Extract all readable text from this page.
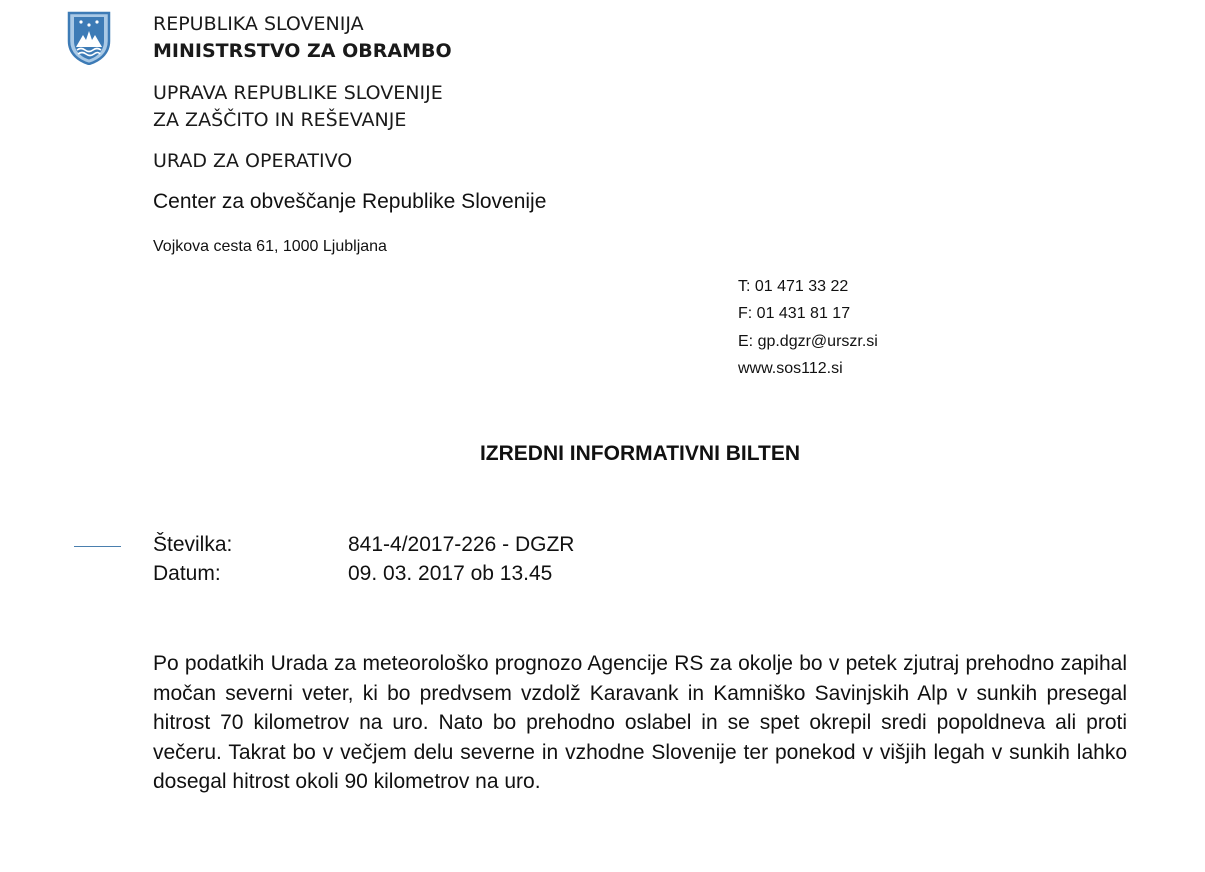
REPUBLIKA SLOVENIJA
MINISTRSTVO ZA OBRAMBO
UPRAVA REPUBLIKE SLOVENIJE
ZA ZAŠČITO IN REŠEVANJE
URAD ZA OPERATIVO
Center za obveščanje Republike Slovenije
Vojkova cesta 61, 1000 Ljubljana
T: 01 471 33 22
F: 01 431 81 17
E: gp.dgzr@urszr.si
www.sos112.si
IZREDNI INFORMATIVNI BILTEN
Številka:	841-4/2017-226 - DGZR
Datum:	09. 03. 2017 ob 13.45
Po podatkih Urada za meteorološko prognozo Agencije RS za okolje bo v petek zjutraj prehodno zapihal močan severni veter, ki bo predvsem vzdolž Karavank in Kamniško Savinjskih Alp v sunkih presegal hitrost 70 kilometrov na uro. Nato bo prehodno oslabel in se spet okrepil sredi popoldneva ali proti večeru. Takrat bo v večjem delu severne in vzhodne Slovenije ter ponekod v višjih legah v sunkih lahko dosegal hitrost okoli 90 kilometrov na uro.
